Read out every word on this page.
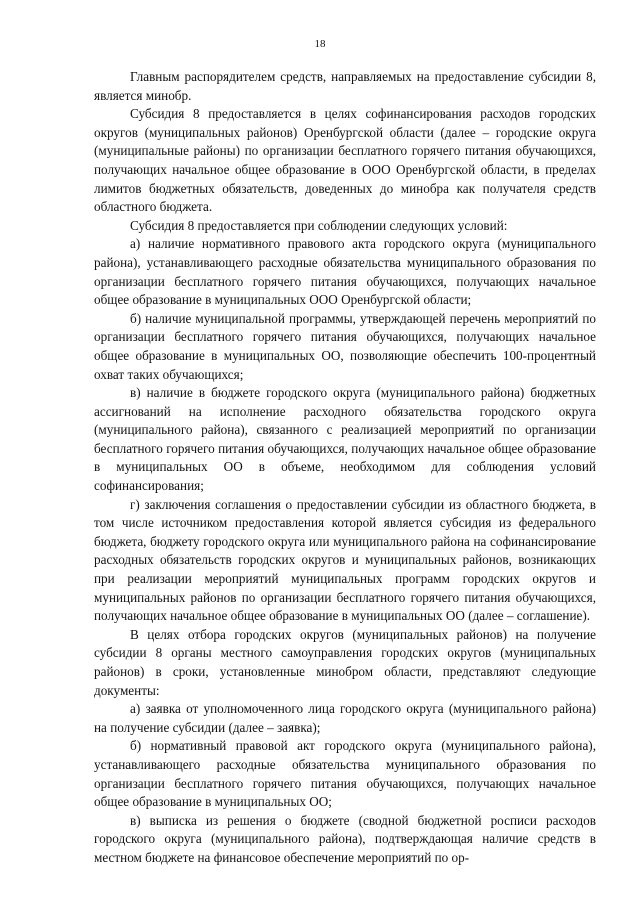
18

Главным распорядителем средств, направляемых на предоставление субсидии 8, является минобр.

Субсидия 8 предоставляется в целях софинансирования расходов городских округов (муниципальных районов) Оренбургской области (далее – городские округа (муниципальные районы) по организации бесплатного горячего питания обучающихся, получающих начальное общее образование в ООО Оренбургской области, в пределах лимитов бюджетных обязательств, доведенных до минобра как получателя средств областного бюджета.

Субсидия 8 предоставляется при соблюдении следующих условий:

а) наличие нормативного правового акта городского округа (муниципального района), устанавливающего расходные обязательства муниципального образования по организации бесплатного горячего питания обучающихся, получающих начальное общее образование в муниципальных ООО Оренбургской области;

б) наличие муниципальной программы, утверждающей перечень мероприятий по организации бесплатного горячего питания обучающихся, получающих начальное общее образование в муниципальных ОО, позволяющие обеспечить 100-процентный охват таких обучающихся;

в) наличие в бюджете городского округа (муниципального района) бюджетных ассигнований на исполнение расходного обязательства городского округа (муниципального района), связанного с реализацией мероприятий по организации бесплатного горячего питания обучающихся, получающих начальное общее образование в муниципальных ОО в объеме, необходимом для соблюдения условий софинансирования;

г) заключения соглашения о предоставлении субсидии из областного бюджета, в том числе источником предоставления которой является субсидия из федерального бюджета, бюджету городского округа или муниципального района на софинансирование расходных обязательств городских округов и муниципальных районов, возникающих при реализации мероприятий муниципальных программ городских округов и муниципальных районов по организации бесплатного горячего питания обучающихся, получающих начальное общее образование в муниципальных ОО (далее – соглашение).

В целях отбора городских округов (муниципальных районов) на получение субсидии 8 органы местного самоуправления городских округов (муниципальных районов) в сроки, установленные минобром области, представляют следующие документы:

а) заявка от уполномоченного лица городского округа (муниципального района) на получение субсидии (далее – заявка);

б) нормативный правовой акт городского округа (муниципального района), устанавливающего расходные обязательства муниципального образования по организации бесплатного горячего питания обучающихся, получающих начальное общее образование в муниципальных ОО;

в) выписка из решения о бюджете (сводной бюджетной росписи расходов городского округа (муниципального района), подтверждающая наличие средств в местном бюджете на финансовое обеспечение мероприятий по ор-
